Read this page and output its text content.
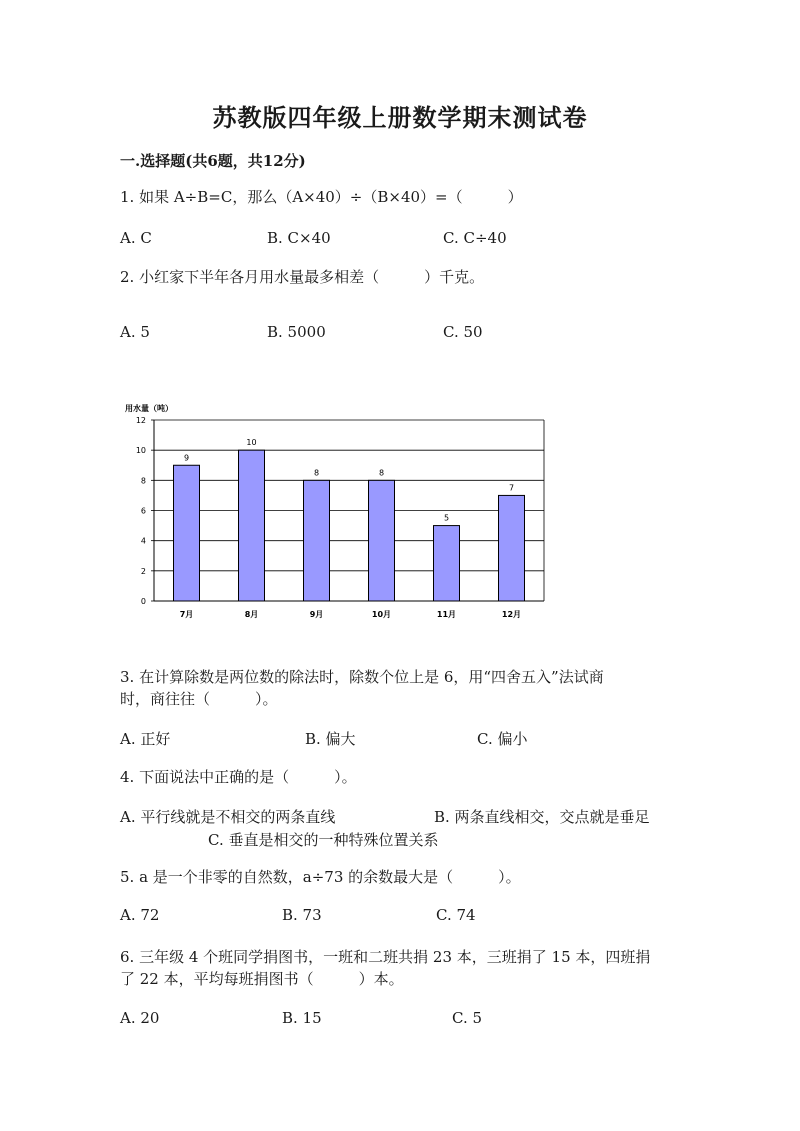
苏教版四年级上册数学期末测试卷
一.选择题(共6题，共12分)
1. 如果 A÷B=C，那么（A×40）÷（B×40）=（　　　）
A. C	B. C×40	C. C÷40
2. 小红家下半年各月用水量最多相差（　　　）千克。
A. 5	B. 5000	C. 50
用水量（吨）
0
2
4
6
8
10
12
9
10
8	8
5
7
7月	8月	9月	10月	11月	12月
3. 在计算除数是两位数的除法时，除数个位上是 6，用“四舍五入”法试商
时，商往往（　　　）。
A. 正好	B. 偏大	C. 偏小
4. 下面说法中正确的是（　　　）。
A. 平行线就是不相交的两条直线	B. 两条直线相交，交点就是垂足
C. 垂直是相交的一种特殊位置关系
5. a 是一个非零的自然数，a÷73 的余数最大是（　　　）。
A. 72	B. 73	C. 74
6. 三年级 4 个班同学捐图书，一班和二班共捐 23 本，三班捐了 15 本，四班捐
了 22 本，平均每班捐图书（　　　）本。
A. 20	B. 15	C. 5
